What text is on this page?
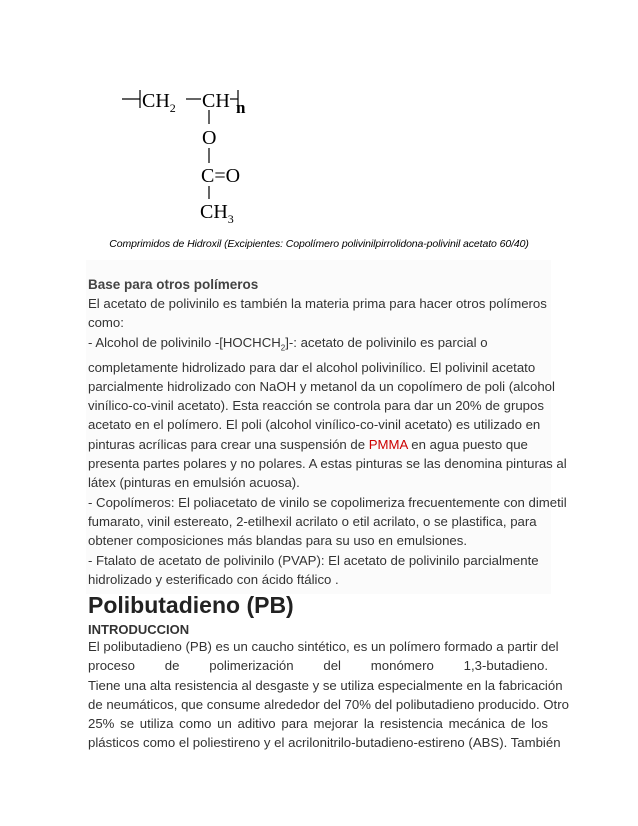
$CH_2$ CH n
O
C=O
$CH_3$
Comprimidos de Hidroxil (Excipientes: Copolímero polivinilpirrolidona-polivinil acetato 60/40)
Base para otros polímeros
El acetato de polivinilo es también la materia prima para hacer otros polímeros
como:
- Alcohol de polivinilo $-[HOCHCH_2]-$: acetato de polivinilo es parcial o
completamente hidrolizado para dar el alcohol polivinílico. El polivinil acetato
parcialmente hidrolizado con NaOH y metanol da un copolímero de poli (alcohol
vinílico-co-vinil acetato). Esta reacción se controla para dar un 20% de grupos
acetato en el polímero. El poli (alcohol vinílico-co-vinil acetato) es utilizado en
pinturas acrílicas para crear una suspensión de PMMA en agua puesto que
presenta partes polares y no polares. A estas pinturas se las denomina pinturas al
látex (pinturas en emulsión acuosa).
- Copolímeros: El poliacetato de vinilo se copolimeriza frecuentemente con dimetil
fumarato, vinil estereato, 2-etilhexil acrilato o etil acrilato, o se plastifica, para
obtener composiciones más blandas para su uso en emulsiones.
- Ftalato de acetato de polivinilo (PVAP): El acetato de polivinilo parcialmente
hidrolizado y esterificado con ácido ftálico .
Polibutadieno (PB)
INTRODUCCION
El polibutadieno (PB) es un caucho sintético, es un polímero formado a partir del
proceso de polimerización del monómero 1,3-butadieno.
Tiene una alta resistencia al desgaste y se utiliza especialmente en la fabricación
de neumáticos, que consume alrededor del 70% del polibutadieno producido. Otro
25% se utiliza como un aditivo para mejorar la resistencia mecánica de los
plásticos como el poliestireno y el acrilonitrilo-butadieno-estireno (ABS). También
